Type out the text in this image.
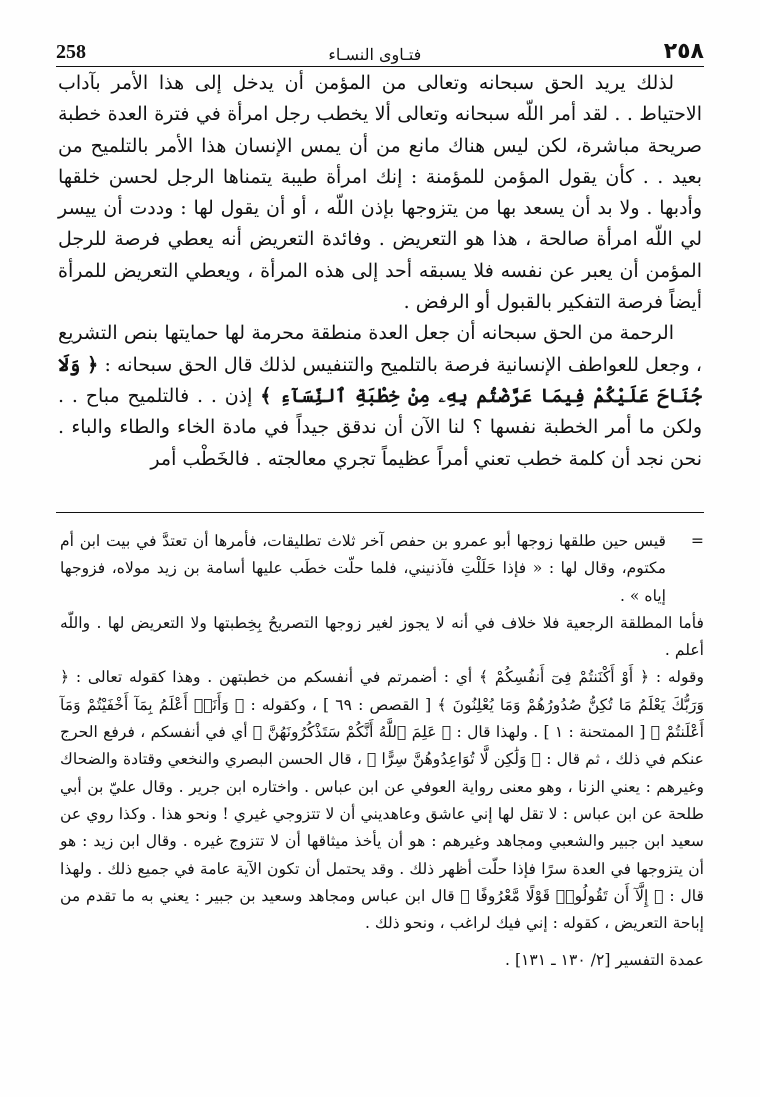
258	فتـاوى النسـاء	٢٥٨

لذلك يريد الحق سبحانه وتعالى من المؤمن أن يدخل إلى هذا الأمر بآداب الاحتياط . . لقد أمر اللّه سبحانه وتعالى ألا يخطب رجل امرأة في فترة العدة خطبة صريحة مباشرة، لكن ليس هناك مانع من أن يمس الإنسان هذا الأمر بالتلميح من بعيد . . كأن يقول المؤمن للمؤمنة : إنك امرأة طيبة يتمناها الرجل لحسن خلقها وأدبها . ولا بد أن يسعد بها من يتزوجها بإذن اللّه ، أو أن يقول لها : وددت أن ييسر لي اللّه امرأة صالحة ، هذا هو التعريض . وفائدة التعريض أنه يعطي فرصة للرجل المؤمن أن يعبر عن نفسه فلا يسبقه أحد إلى هذه المرأة ، ويعطي التعريض للمرأة أيضاً فرصة التفكير بالقبول أو الرفض .

الرحمة من الحق سبحانه أن جعل العدة منطقة محرمة لها حمايتها بنص التشريع ، وجعل للعواطف الإنسانية فرصة بالتلميح والتنفيس لذلك قال الحق سبحانه : ﴿ وَلَا جُنَاحَ عَلَيْكُمْ فِيمَا عَرَّضْتُم بِهِۦ مِنْ خِطْبَةِ ٱلنِّسَآءِ ﴾ إذن . . فالتلميح مباح . . ولكن ما أمر الخطبة نفسها ؟ لنا الآن أن ندقق جيداً في مادة الخاء والطاء والباء . نحن نجد أن كلمة خطب تعني أمراً عظيماً تجري معالجته . فالخَطْب أمر

=
قيس حين طلقها زوجها أبو عمرو بن حفص آخر ثلاث تطليقات، فأمرها أن تعتدَّ في بيت ابن أم مكتوم، وقال لها : « فإذا حَلَلْتِ فآذنيني، فلما حلّت خطَب عليها أسامة بن زيد مولاه، فزوجها إياه » .

فأما المطلقة الرجعية فلا خلاف في أنه لا يجوز لغير زوجها التصريحُ بِخِطبتها ولا التعريض لها . واللّه أعلم .

وقوله : ﴿ أَوْ أَكْنَنتُمْ فِىٓ أَنفُسِكُمْ ﴾ أي : أضمرتم في أنفسكم من خطبتهن . وهذا كقوله تعالى : ﴿ وَرَبُّكَ يَعْلَمُ مَا تُكِنُّ صُدُورُهُمْ وَمَا يُعْلِنُونَ ﴾ [ القصص : ٦٩ ] ، وكقوله : ﴿ وَأَنَا۠ أَعْلَمُ بِمَآ أَخْفَيْتُمْ وَمَآ أَعْلَنتُمْ ﴾ [ الممتحنة : ١ ] . ولهذا قال : ﴿ عَلِمَ ٱللَّهُ أَنَّكُمْ سَتَذْكُرُونَهُنَّ ﴾ أي في أنفسكم ، فرفع الحرج عنكم في ذلك ، ثم قال : ﴿ وَلَٰكِن لَّا تُوَاعِدُوهُنَّ سِرًّا ﴾ ، قال الحسن البصري والنخعي وقتادة والضحاك وغيرهم : يعني الزنا ، وهو معنى رواية العوفي عن ابن عباس . واختاره ابن جرير . وقال عليّ بن أبي طلحة عن ابن عباس : لا تقل لها إني عاشق وعاهديني أن لا تتزوجي غيري ! ونحو هذا . وكذا روي عن سعيد ابن جبير والشعبي ومجاهد وغيرهم : هو أن يأخذ ميثاقها أن لا تتزوج غيره . وقال ابن زيد : هو أن يتزوجها في العدة سرًا فإذا حلّت أظهر ذلك . وقد يحتمل أن تكون الآية عامة في جميع ذلك . ولهذا قال : ﴿ إِلَّآ أَن تَقُولُوا۟ قَوْلًا مَّعْرُوفًا ﴾ قال ابن عباس ومجاهد وسعيد بن جبير : يعني به ما تقدم من إباحة التعريض ، كقوله : إني فيك لراغب ، ونحو ذلك .

عمدة التفسير [٢/ ١٣٠ ـ ١٣١] .
